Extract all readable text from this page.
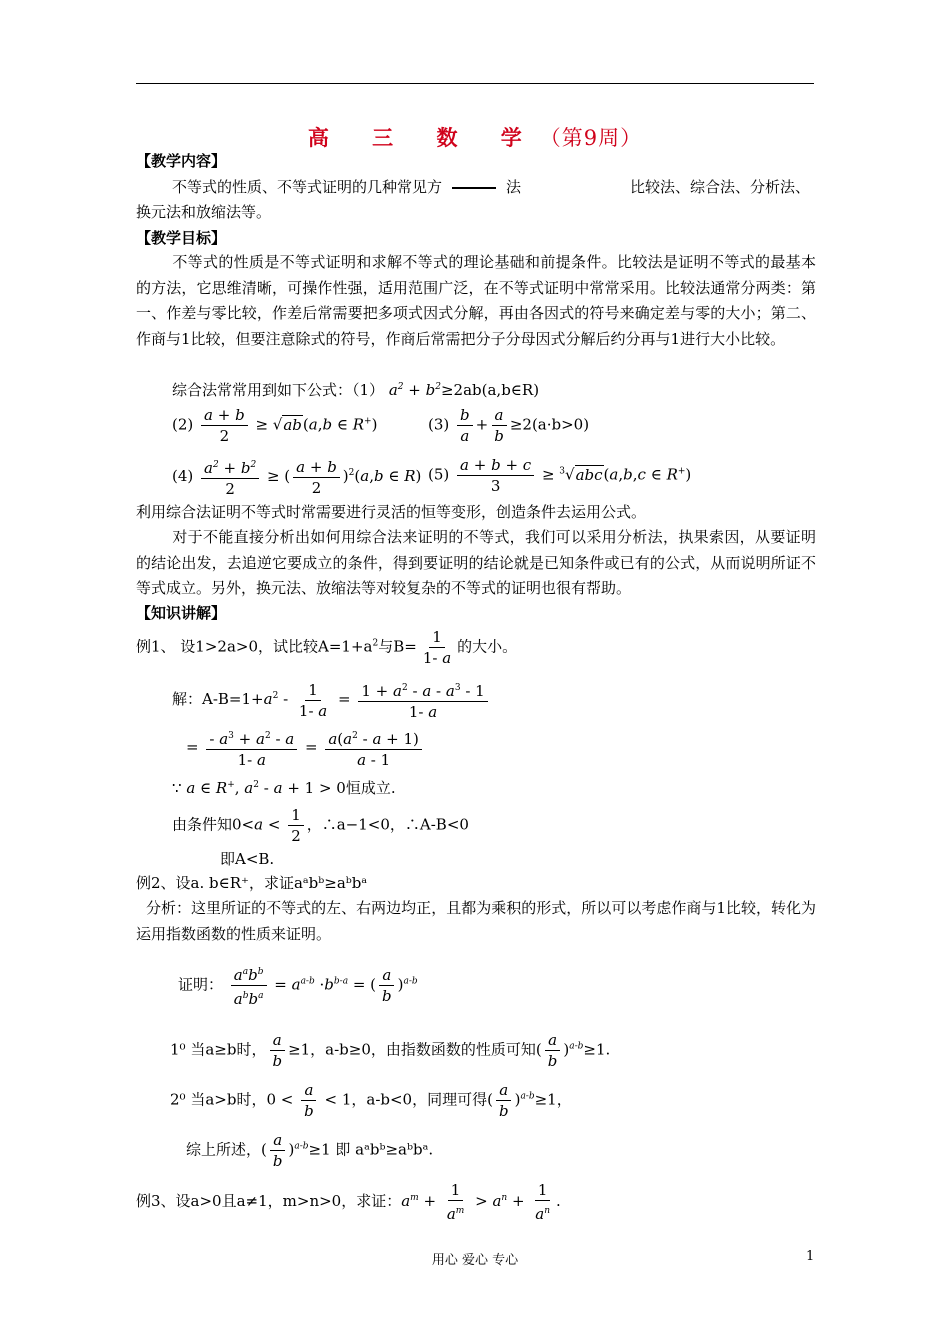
高 三 数 学（第9周）
【教学内容】
不等式的性质、不等式证明的几种常见方	法	比较法、综合法、分析法、
换元法和放缩法等。
【教学目标】
不等式的性质是不等式证明和求解不等式的理论基础和前提条件。比较法是证明不等式的最基本的方法，它思维清晰，可操作性强，适用范围广泛，在不等式证明中常常采用。比较法通常分两类：第一、作差与零比较，作差后常需要把多项式因式分解，再由各因式的符号来确定差与零的大小；第二、作商与1比较，但要注意除式的符号，作商后常需把分子分母因式分解后约分再与1进行大小比较。
综合法常常用到如下公式：（1） $a^2$ + $b^2\ge 2ab(a,b\in R)$
$(2) \frac{a + b}{2} \ge √ab(a,b$ ∈ R+)	$(3) \frac{b}{a} + \frac{a}{b} \ge 2(a\cdot b>0)$
$(4) \frac{a^2 + b^2}{2}$ ≥ ( $\frac{a + b}{2} )^2(a,b$ ∈ R) $(5) \frac{a + b + c}{3} \ge ^3√abc(a,b,c$ ∈ R+)
利用综合法证明不等式时常需要进行灵活的恒等变形，创造条件去运用公式。
对于不能直接分析出如何用综合法来证明的不等式，我们可以采用分析法，执果索因，从要证明的结论出发，去追逆它要成立的条件，得到要证明的结论就是已知条件或已有的公式，从而说明所证不等式成立。另外，换元法、放缩法等对较复杂的不等式的证明也很有帮助。
【知识讲解】
例1、 设1>2a>0，试比较$A=1+a^2$与$B= \frac{1}{1- a}$ 的大小。
解：$A-B=1+a^2 - \frac{1}{1- a} = \frac{1 + a^2 - a - a^3 - 1}{1- a}$
= $\frac{- a^3 + a^2 - a}{1- a} = \frac{a(a^2 - a + 1)}{a - 1}$
∵ a ∈ R+, $a^2 - a + 1 > 0$恒成立.
由条件知$0<a < \frac{1}{2}$ ，∴a−1<0，∴A-B<0
即A<B.
例2、设a. b∈R⁺，求证aᵃbᵇ≥aᵇbᵃ
分析：这里所证的不等式的左、右两边均正，且都为乘积的形式，所以可以考虑作商与1比较，转化为运用指数函数的性质来证明。
证明： $\frac{a^ab^b}{a^bb^a} = a^{a-b} \cdot b^{b-a}$ = ( $\frac{a}{b} )^{a-b}$
1⁰ 当a≥b时， $\frac{a}{b} \ge 1$，a-b≥0，由指数函数的性质可知( $\frac{a}{b} )^{a-b}\ge 1$.
2⁰ 当a>b时，$0 < \frac{a}{b} < 1$，a-b<0，同理可得( $\frac{a}{b} )^{a-b}\ge 1$，
综上所述，( $\frac{a}{b} )^{a-b}\ge 1$ 即 aᵃbᵇ≥aᵇbᵃ.
例3、设a>0且a≠1，m>n>0，求证：$a^m + \frac{1}{a^m} > a^n + \frac{1}{a^n}$ .
用心 爱心 专心	1
